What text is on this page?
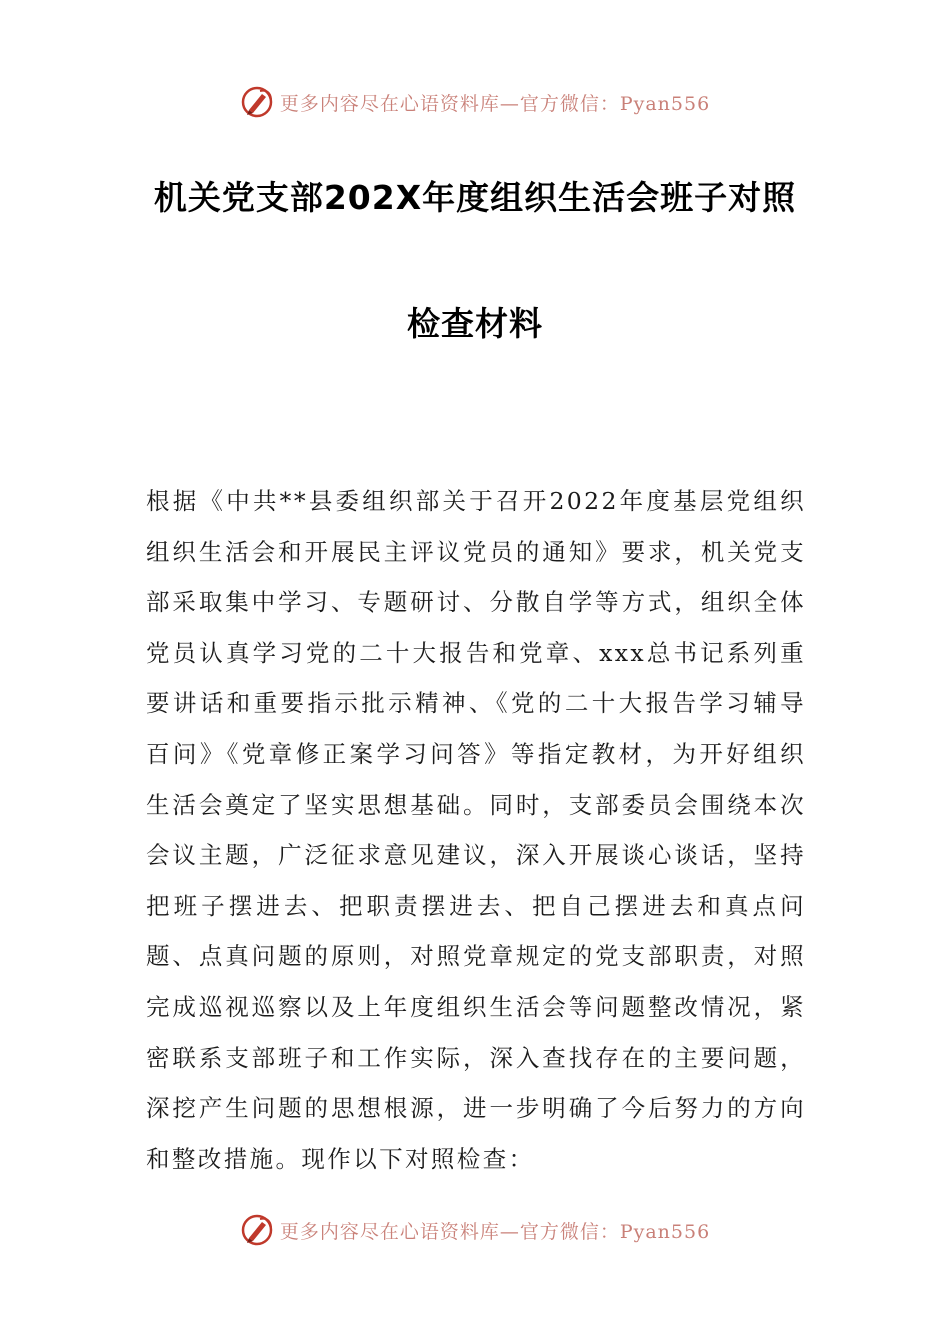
更多内容尽在心语资料库—官方微信：Pyan556
机关党支部202X年度组织生活会班子对照
检查材料
根据《中共**县委组织部关于召开2022年度基层党组织组织生活会和开展民主评议党员的通知》要求，机关党支部采取集中学习、专题研讨、分散自学等方式，组织全体党员认真学习党的二十大报告和党章、xxx总书记系列重要讲话和重要指示批示精神、《党的二十大报告学习辅导百问》《党章修正案学习问答》等指定教材，为开好组织生活会奠定了坚实思想基础。同时，支部委员会围绕本次会议主题，广泛征求意见建议，深入开展谈心谈话，坚持把班子摆进去、把职责摆进去、把自己摆进去和真点问题、点真问题的原则，对照党章规定的党支部职责，对照完成巡视巡察以及上年度组织生活会等问题整改情况，紧密联系支部班子和工作实际，深入查找存在的主要问题，深挖产生问题的思想根源，进一步明确了今后努力的方向和整改措施。现作以下对照检查：
更多内容尽在心语资料库—官方微信：Pyan556
